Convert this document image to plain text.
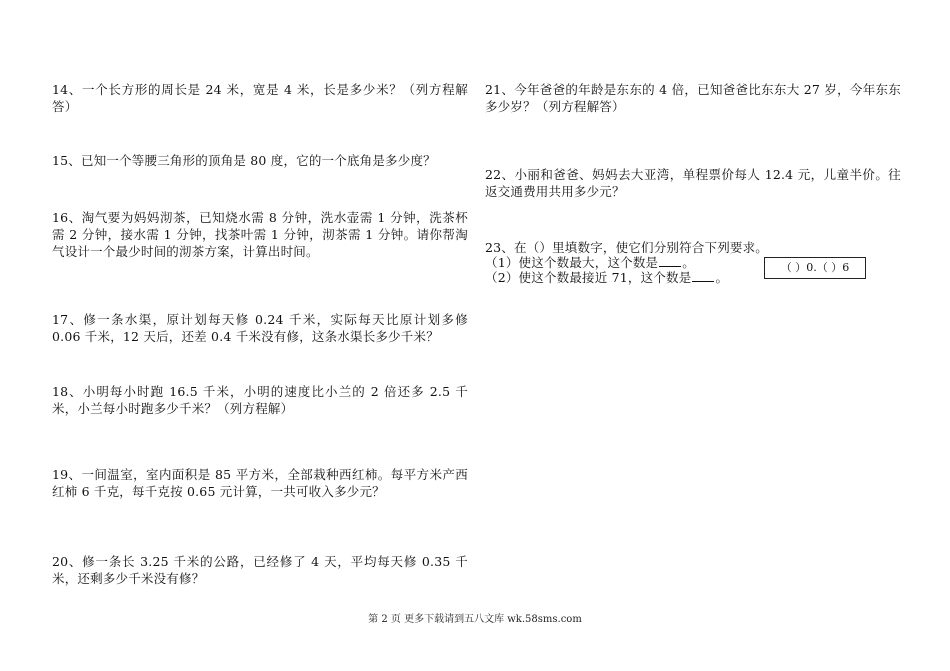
14、一个长方形的周长是 24 米，宽是 4 米，长是多少米？（列方程解答）
15、已知一个等腰三角形的顶角是 80 度，它的一个底角是多少度？
16、淘气要为妈妈沏茶，已知烧水需 8 分钟，洗水壶需 1 分钟，洗茶杯需 2 分钟，接水需 1 分钟，找茶叶需 1 分钟，沏茶需 1 分钟。请你帮淘气设计一个最少时间的沏茶方案，计算出时间。
17、修一条水渠，原计划每天修 0.24 千米，实际每天比原计划多修 0.06 千米，12 天后，还差 0.4 千米没有修，这条水渠长多少千米？
18、小明每小时跑 16.5 千米，小明的速度比小兰的 2 倍还多 2.5 千米，小兰每小时跑多少千米？（列方程解）
19、一间温室，室内面积是 85 平方米，全部栽种西红柿。每平方米产西红柿 6 千克，每千克按 0.65 元计算，一共可收入多少元？
20、修一条长 3.25 千米的公路，已经修了 4 天，平均每天修 0.35 千米，还剩多少千米没有修？
21、今年爸爸的年龄是东东的 4 倍，已知爸爸比东东大 27 岁，今年东东多少岁？（列方程解答）
22、小丽和爸爸、妈妈去大亚湾，单程票价每人 12.4 元，儿童半价。往返交通费用共用多少元？
23、在（）里填数字，使它们分别符合下列要求。
（1）使这个数最大，这个数是 。
（2）使这个数最接近 71，这个数是 。
（ ）0.（ ）6
第 2 页 更多下载请到五八文库 wk.58sms.com
